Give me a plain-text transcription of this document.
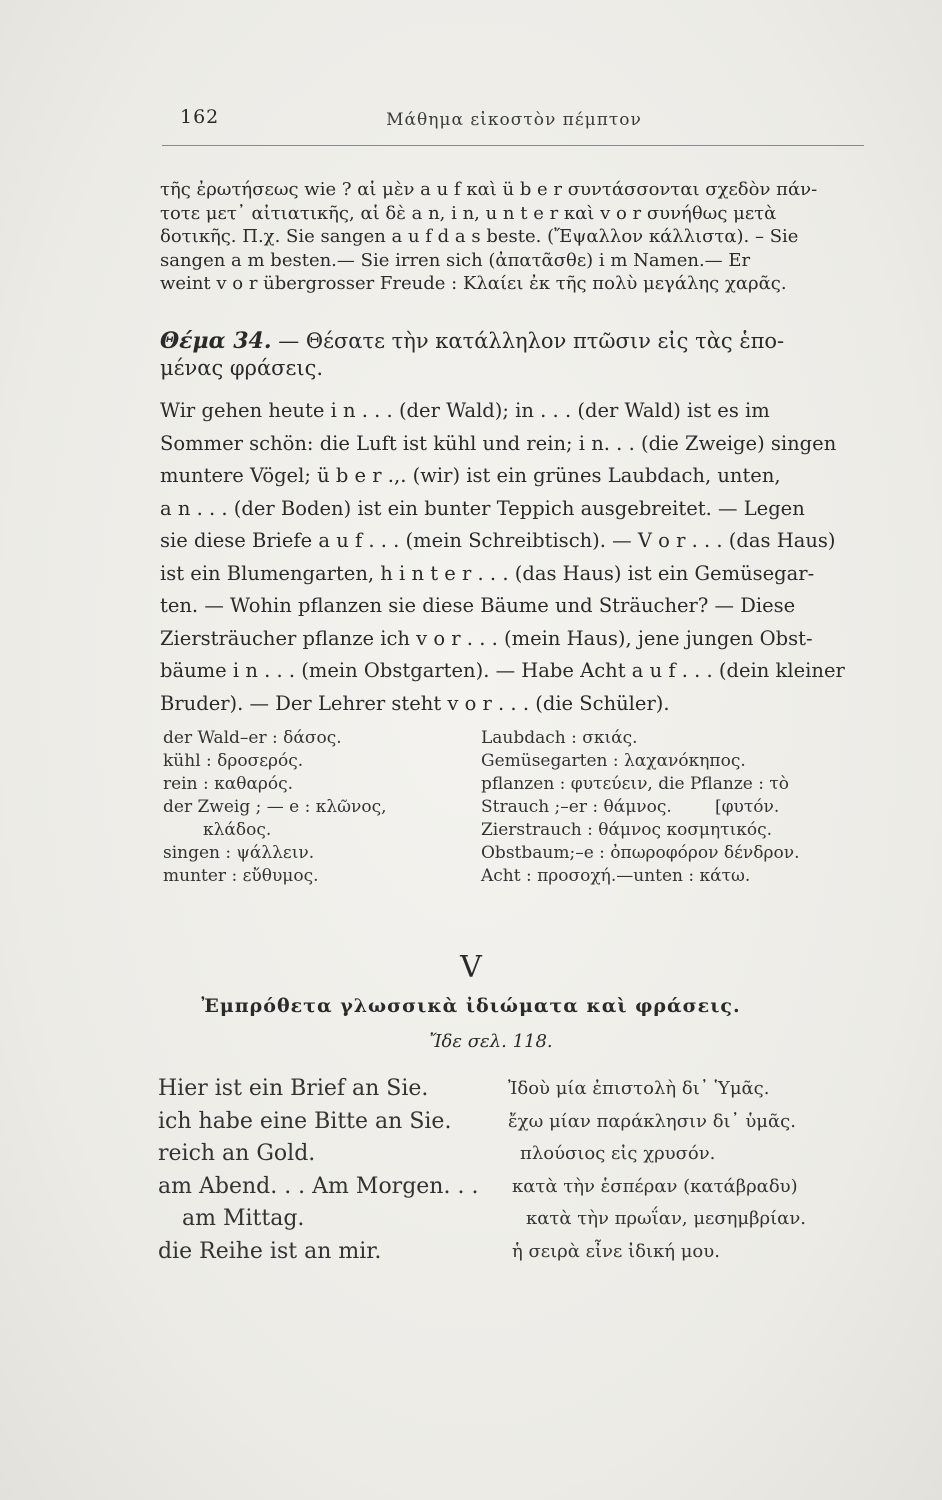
162	Μάθημα εἰκοστὸν πέμπτον
τῆς ἐρωτήσεως wie ? αἱ μὲν a u f καὶ ü b e r συντάσσονται σχεδὸν πάν-
τοτε μετ᾽ αἰτιατικῆς, αἱ δὲ a n, i n, u n t e r καὶ v o r συνήθως μετὰ
δοτικῆς. Π.χ. Sie sangen a u f d a s beste. (Ἔψαλλον κάλλιστα). – Sie
sangen a m besten.— Sie irren sich (ἀπατᾶσθε) i m Namen.— Er
weint v o r übergrosser Freude : Κλαίει ἐκ τῆς πολὺ μεγάλης χαρᾶς.
Θέμα 34. — Θέσατε τὴν κατάλληλον πτῶσιν εἰς τὰς ἑπο-
μένας φράσεις.

Wir gehen heute i n . . . (der Wald); in . . . (der Wald) ist es im

Sommer schön: die Luft ist kühl und rein; i n. . . (die Zweige) singen

muntere Vögel; ü b e r .,. (wir) ist ein grünes Laubdach, unten,

a n . . . (der Boden) ist ein bunter Teppich ausgebreitet. — Legen

sie diese Briefe a u f . . . (mein Schreibtisch). — V o r . . . (das Haus)

ist ein Blumengarten, h i n t e r . . . (das Haus) ist ein Gemüsegar-

ten. — Wohin pflanzen sie diese Bäume und Sträucher? — Diese

Ziersträucher pflanze ich v o r . . . (mein Haus), jene jungen Obst-

bäume i n . . . (mein Obstgarten). — Habe Acht a u f . . . (dein kleiner

Bruder). — Der Lehrer steht v o r . . . (die Schüler).

der Wald–er : δάσος.
kühl : δροσερός.
rein : καθαρός.
der Zweig ; — e : κλῶνος,
κλάδος.
singen : ψάλλειν.
munter : εὔθυμος.
Laubdach : σκιάς.
Gemüsegarten : λαχανόκηπος.
pflanzen : φυτεύειν, die Pflanze : τὸ
Strauch ;–er : θάμνος.        [φυτόν.
Zierstrauch : θάμνος κοσμητικός.
Obstbaum;–e : ὀπωροφόρον δένδρον.
Acht : προσοχή.—unten : κάτω.
V
Ἐμπρόθετα γλωσσικὰ ἰδιώματα καὶ φράσεις.
Ἴδε σελ. 118.
Hier ist ein Brief an Sie.
ich habe eine Bitte an Sie.
reich an Gold.
am Abend. . . Am Morgen. . .
am Mittag.
die Reihe ist an mir.
Ἰδοὺ μία ἐπιστολὴ δι᾽ Ὑμᾶς.
ἔχω μίαν παράκλησιν δι᾽ ὑμᾶς.
πλούσιος εἰς χρυσόν.
κατὰ τὴν ἑσπέραν (κατάβραδυ)
κατὰ τὴν πρωΐαν, μεσημβρίαν.
ἡ σειρὰ εἶνε ἰδική μου.
